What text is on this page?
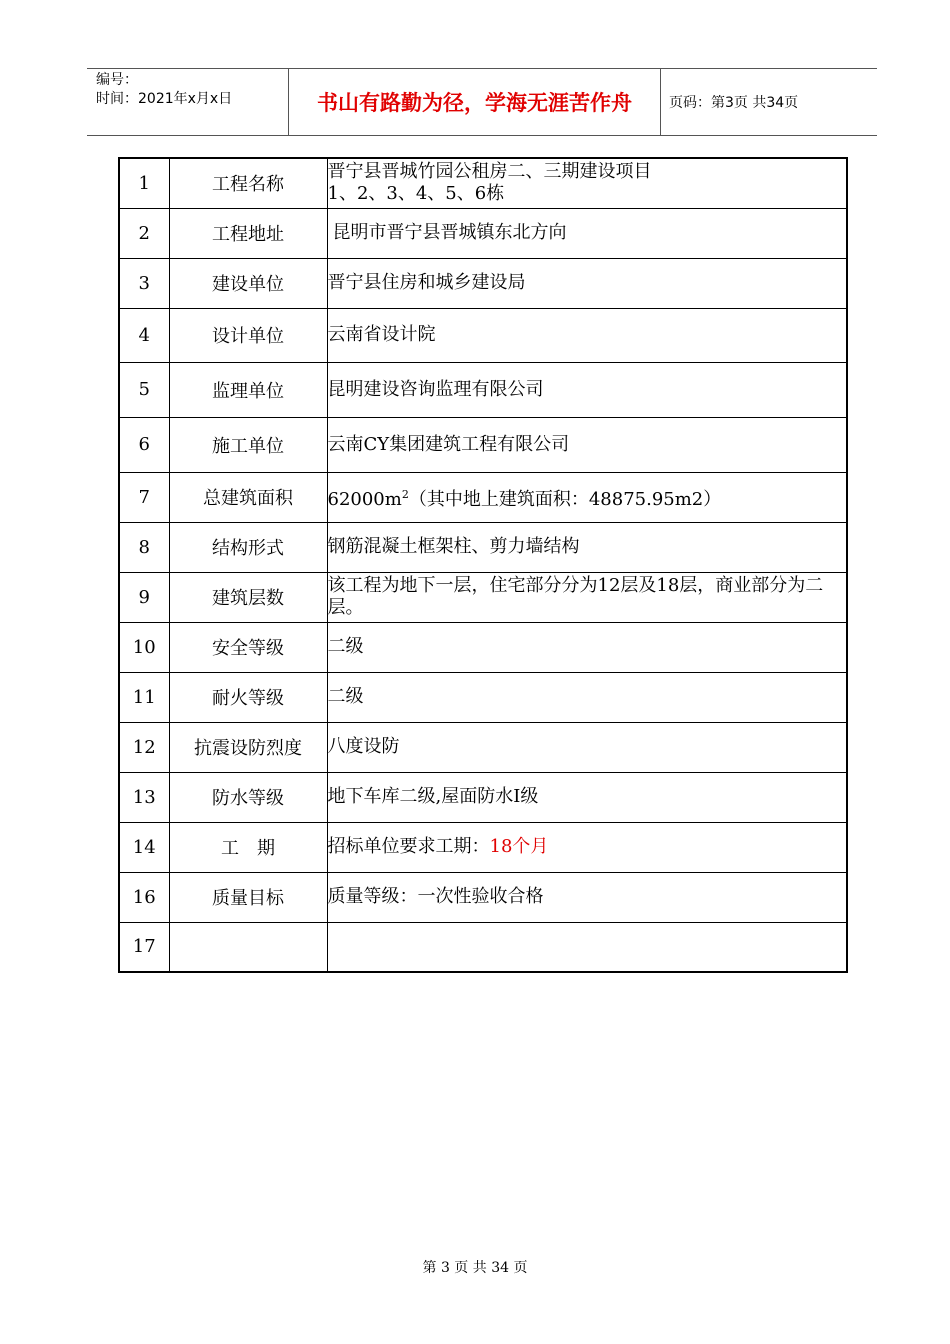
编号：
时间：2021年x月x日	书山有路勤为径，学海无涯苦作舟	页码：第3页 共34页
1	工程名称	晋宁县晋城竹园公租房二、三期建设项目
1、2、3、4、5、6栋

2	工程地址	昆明市晋宁县晋城镇东北方向
3	建设单位	晋宁县住房和城乡建设局
4	设计单位	云南省设计院
5	监理单位	昆明建设咨询监理有限公司
6	施工单位	云南CY集团建筑工程有限公司
7	总建筑面积	$62000m^2$（其中地上建筑面积：48875.95m2）
8	结构形式	钢筋混凝土框架柱、剪力墙结构
9	建筑层数	该工程为地下一层，住宅部分分为12层及18层，商业部分为二层。
10	安全等级	二级
11	耐火等级	二级
12	抗震设防烈度	八度设防
13	防水等级	地下车库二级,屋面防水Ⅰ级
14	工　期	招标单位要求工期：18个月
16	质量目标	质量等级：一次性验收合格
17		
第 3 页 共 34 页
